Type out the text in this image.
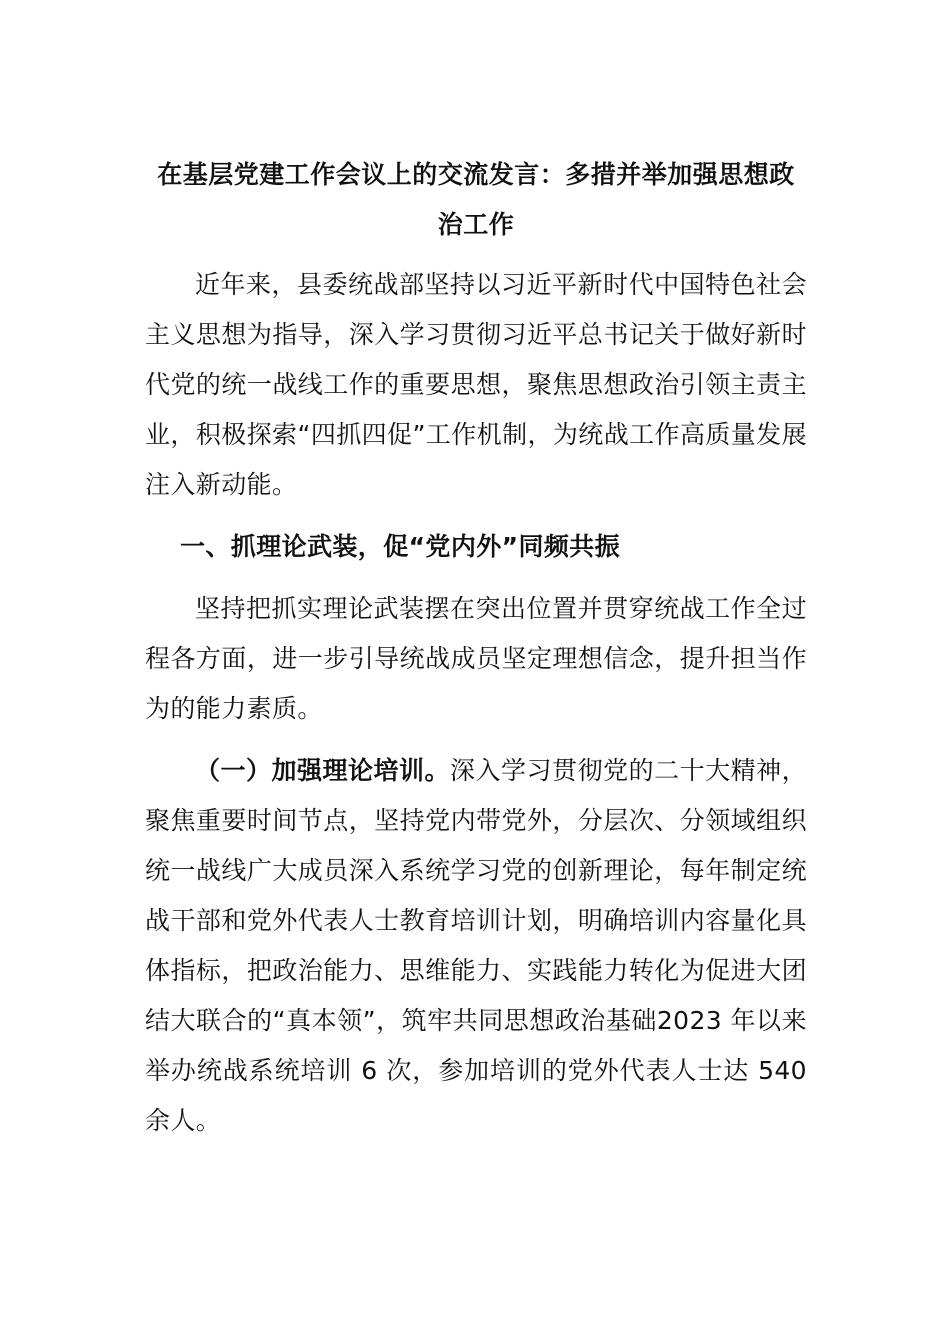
在基层党建工作会议上的交流发言：多措并举加强思想政治工作

近年来，县委统战部坚持以习近平新时代中国特色社会主义思想为指导，深入学习贯彻习近平总书记关于做好新时代党的统一战线工作的重要思想，聚焦思想政治引领主责主业，积极探索“四抓四促”工作机制，为统战工作高质量发展注入新动能。

一、抓理论武装，促“党内外”同频共振

坚持把抓实理论武装摆在突出位置并贯穿统战工作全过程各方面，进一步引导统战成员坚定理想信念，提升担当作为的能力素质。

（一）加强理论培训。深入学习贯彻党的二十大精神，聚焦重要时间节点，坚持党内带党外，分层次、分领域组织统一战线广大成员深入系统学习党的创新理论，每年制定统战干部和党外代表人士教育培训计划，明确培训内容量化具体指标，把政治能力、思维能力、实践能力转化为促进大团结大联合的“真本领”，筑牢共同思想政治基础2023 年以来举办统战系统培训 6 次，参加培训的党外代表人士达 540 余人。
